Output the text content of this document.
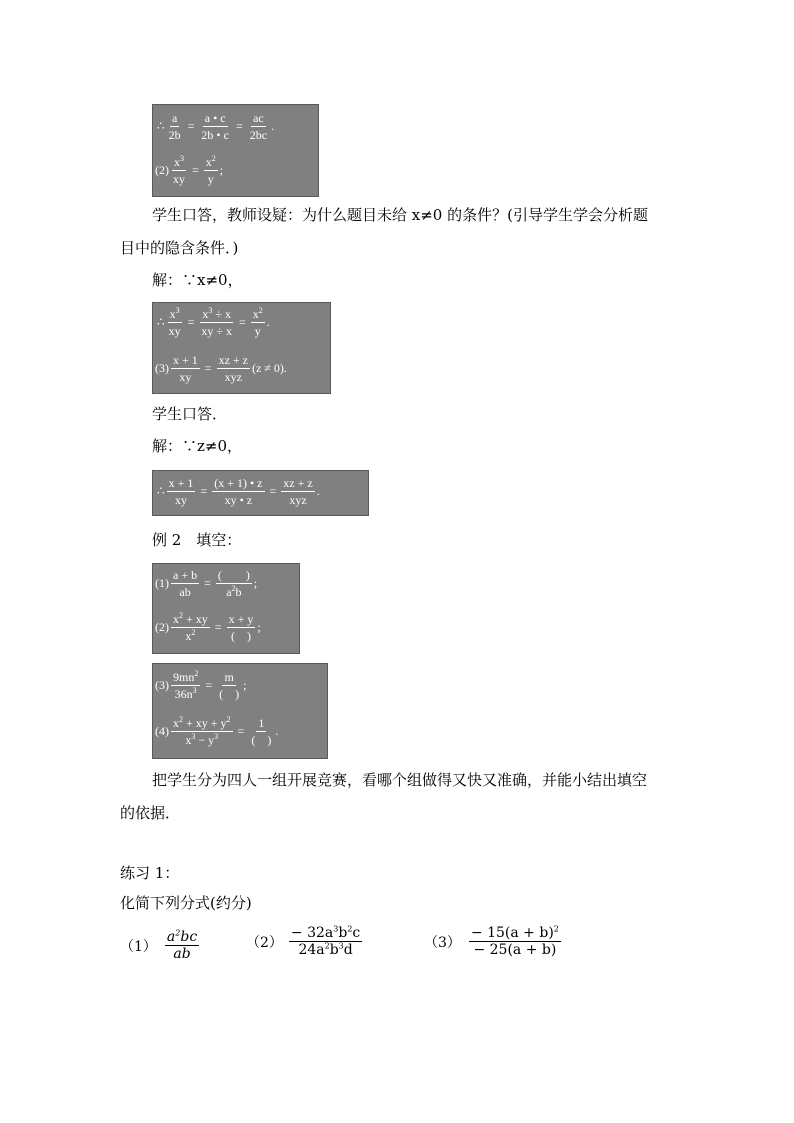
∴ $\frac{a}{2b} = \frac{a • c}{2b • c} = \frac{ac}{2bc}$ .
$(2) \frac{x^3}{xy} = \frac{x^2}{y}$ ;
学生口答，教师设疑：为什么题目未给 x≠0 的条件？(引导学生学会分析题
目中的隐含条件．)
解：∵x≠0，
∴ $\frac{x^3}{xy} = \frac{x^3 \div x}{xy \div x} = \frac{x^2}{y}$ .
$(3) \frac{x + 1}{xy} = \frac{xz + z}{\text{xyz}} (z \ne 0)$.
学生口答．
解：∵z≠0，
∴ $\frac{x + 1}{xy} = \frac{(x + 1) • z}{xy • z} = \frac{xz + z}{\text{xyz}}$ .
例 2　填空：
$(1) \frac{a + b}{ab} = \frac{( )}{a^2b}$ ;
$(2) \frac{x^2 + xy}{x^2} = \frac{x + y}{( )}$ ;
$(3) \frac{9mn^2}{36n^3} = \frac{m}{( )}$ ;
$(4) \frac{x^2 + xy + y^2}{x^3 - y^3} = \frac{1}{( )}$ .
把学生分为四人一组开展竞赛，看哪个组做得又快又准确，并能小结出填空
的依据．
练习 1：
化简下列分式(约分)
$(1) \frac{a^2bc}{ab}$	$(2) \frac{- 32a^3b^2c}{24a^2b^3d}$	$(3) \frac{- 15(a + b)^2}{- 25(a + b)}$
